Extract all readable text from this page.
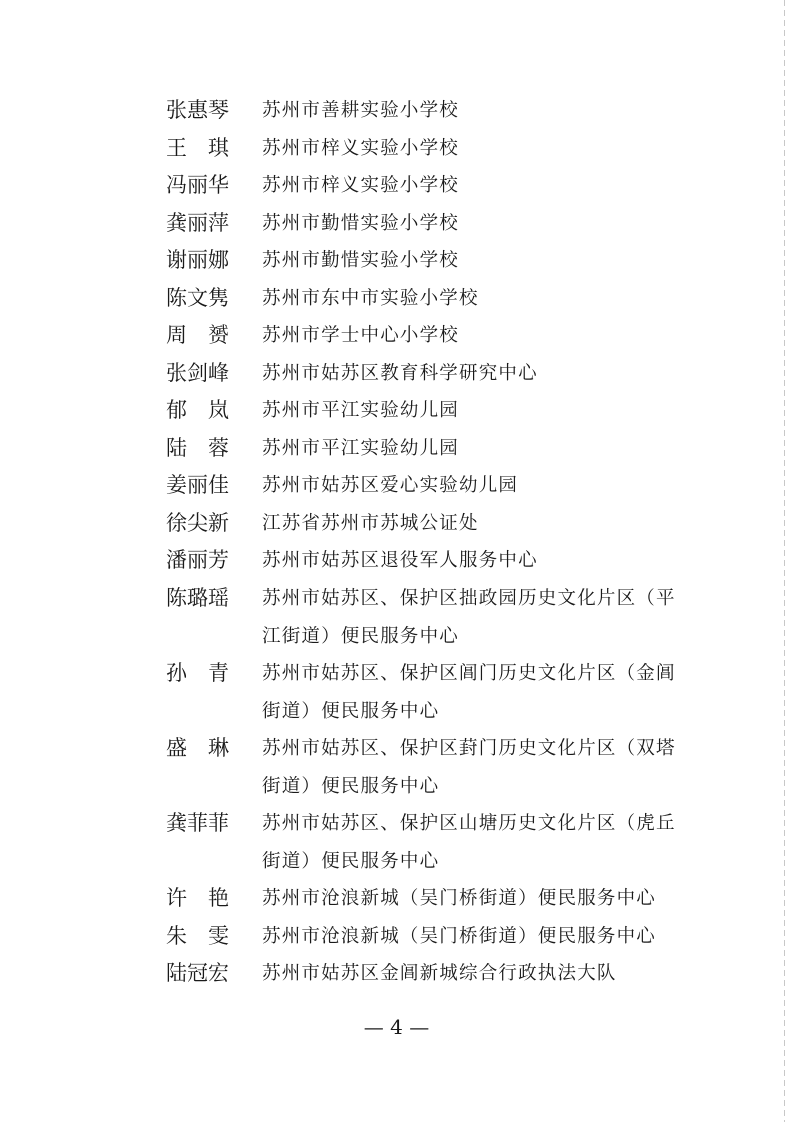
张惠琴 苏州市善耕实验小学校
王琪 苏州市梓义实验小学校
冯丽华 苏州市梓义实验小学校
龚丽萍 苏州市勤惜实验小学校
谢丽娜 苏州市勤惜实验小学校
陈文隽 苏州市东中市实验小学校
周赟 苏州市学士中心小学校
张剑峰 苏州市姑苏区教育科学研究中心
郁岚 苏州市平江实验幼儿园
陆蓉 苏州市平江实验幼儿园
姜丽佳 苏州市姑苏区爱心实验幼儿园
徐尖新 江苏省苏州市苏城公证处
潘丽芳 苏州市姑苏区退役军人服务中心
陈璐瑶 苏州市姑苏区、保护区拙政园历史文化片区（平江街道）便民服务中心
孙青 苏州市姑苏区、保护区阊门历史文化片区（金阊街道）便民服务中心
盛琳 苏州市姑苏区、保护区葑门历史文化片区（双塔街道）便民服务中心
龚菲菲 苏州市姑苏区、保护区山塘历史文化片区（虎丘街道）便民服务中心
许艳 苏州市沧浪新城（吴门桥街道）便民服务中心
朱雯 苏州市沧浪新城（吴门桥街道）便民服务中心
陆冠宏 苏州市姑苏区金阊新城综合行政执法大队
— 4 —
